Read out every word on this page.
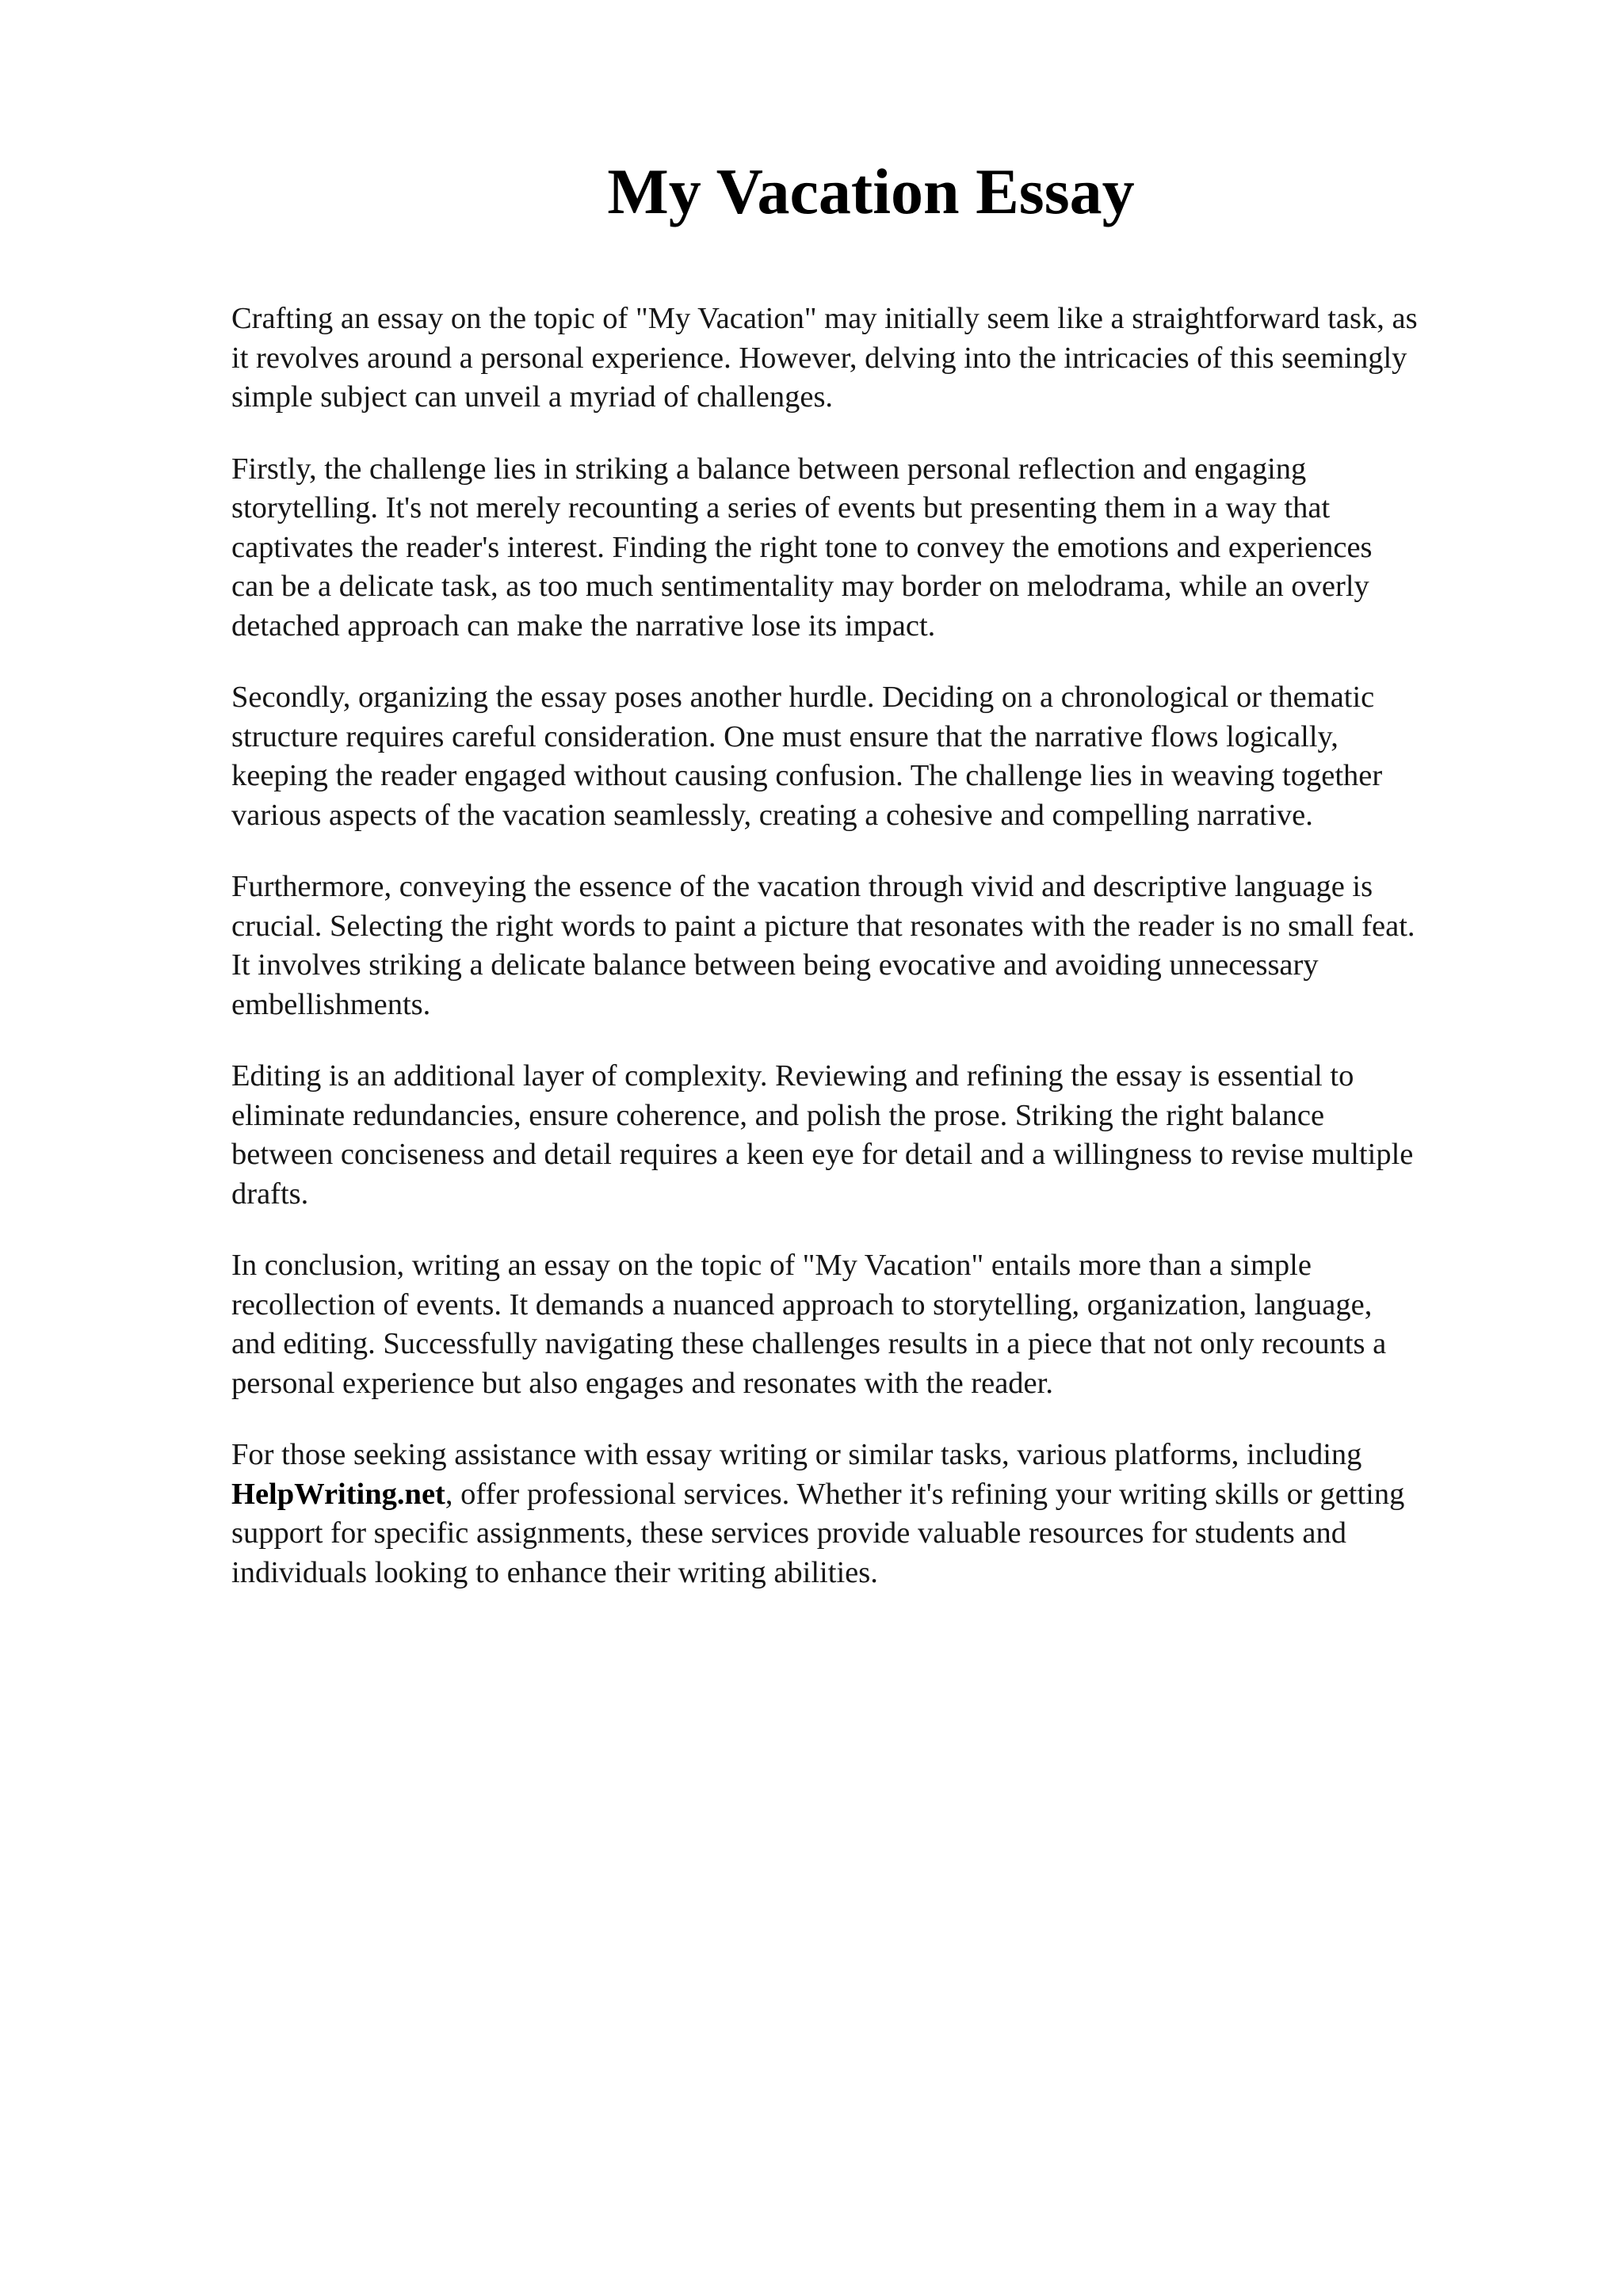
My Vacation Essay

Crafting an essay on the topic of "My Vacation" may initially seem like a straightforward task, as
it revolves around a personal experience. However, delving into the intricacies of this seemingly
simple subject can unveil a myriad of challenges.

Firstly, the challenge lies in striking a balance between personal reflection and engaging
storytelling. It's not merely recounting a series of events but presenting them in a way that
captivates the reader's interest. Finding the right tone to convey the emotions and experiences
can be a delicate task, as too much sentimentality may border on melodrama, while an overly
detached approach can make the narrative lose its impact.

Secondly, organizing the essay poses another hurdle. Deciding on a chronological or thematic
structure requires careful consideration. One must ensure that the narrative flows logically,
keeping the reader engaged without causing confusion. The challenge lies in weaving together
various aspects of the vacation seamlessly, creating a cohesive and compelling narrative.

Furthermore, conveying the essence of the vacation through vivid and descriptive language is
crucial. Selecting the right words to paint a picture that resonates with the reader is no small feat.
It involves striking a delicate balance between being evocative and avoiding unnecessary
embellishments.

Editing is an additional layer of complexity. Reviewing and refining the essay is essential to
eliminate redundancies, ensure coherence, and polish the prose. Striking the right balance
between conciseness and detail requires a keen eye for detail and a willingness to revise multiple
drafts.

In conclusion, writing an essay on the topic of "My Vacation" entails more than a simple
recollection of events. It demands a nuanced approach to storytelling, organization, language,
and editing. Successfully navigating these challenges results in a piece that not only recounts a
personal experience but also engages and resonates with the reader.

For those seeking assistance with essay writing or similar tasks, various platforms, including
HelpWriting.net, offer professional services. Whether it's refining your writing skills or getting
support for specific assignments, these services provide valuable resources for students and
individuals looking to enhance their writing abilities.
